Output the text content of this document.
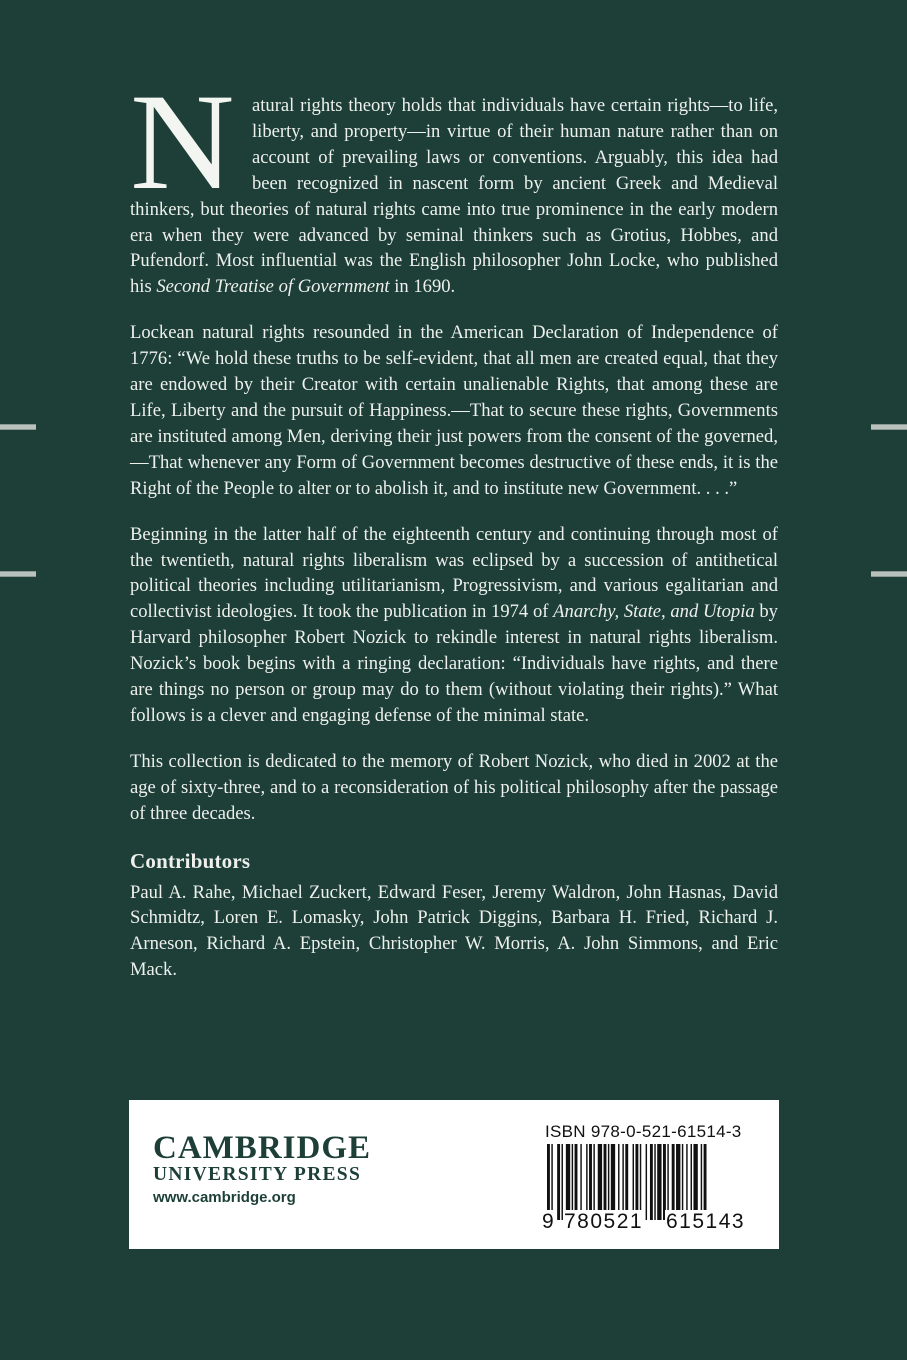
Natural rights theory holds that individuals have certain rights—to life, liberty, and property—in virtue of their human nature rather than on account of prevailing laws or conventions. Arguably, this idea had been recognized in nascent form by ancient Greek and Medieval thinkers, but theories of natural rights came into true prominence in the early modern era when they were advanced by seminal thinkers such as Grotius, Hobbes, and Pufendorf. Most influential was the English philosopher John Locke, who published his Second Treatise of Government in 1690.

Lockean natural rights resounded in the American Declaration of Independence of 1776: “We hold these truths to be self-evident, that all men are created equal, that they are endowed by their Creator with certain unalienable Rights, that among these are Life, Liberty and the pursuit of Happiness.—That to secure these rights, Governments are instituted among Men, deriving their just powers from the consent of the governed,—That whenever any Form of Government becomes destructive of these ends, it is the Right of the People to alter or to abolish it, and to institute new Government. . . .”

Beginning in the latter half of the eighteenth century and continuing through most of the twentieth, natural rights liberalism was eclipsed by a succession of antithetical political theories including utilitarianism, Progressivism, and various egalitarian and collectivist ideologies. It took the publication in 1974 of Anarchy, State, and Utopia by Harvard philosopher Robert Nozick to rekindle interest in natural rights liberalism. Nozick’s book begins with a ringing declaration: “Individuals have rights, and there are things no person or group may do to them (without violating their rights).” What follows is a clever and engaging defense of the minimal state.

This collection is dedicated to the memory of Robert Nozick, who died in 2002 at the age of sixty-three, and to a reconsideration of his political philosophy after the passage of three decades.

Contributors

Paul A. Rahe, Michael Zuckert, Edward Feser, Jeremy Waldron, John Hasnas, David Schmidtz, Loren E. Lomasky, John Patrick Diggins, Barbara H. Fried, Richard J. Arneson, Richard A. Epstein, Christopher W. Morris, A. John Simmons, and Eric Mack.

CAMBRIDGE
UNIVERSITY PRESS
www.cambridge.org
ISBN 978-0-521-61514-3
9 780521 615143
